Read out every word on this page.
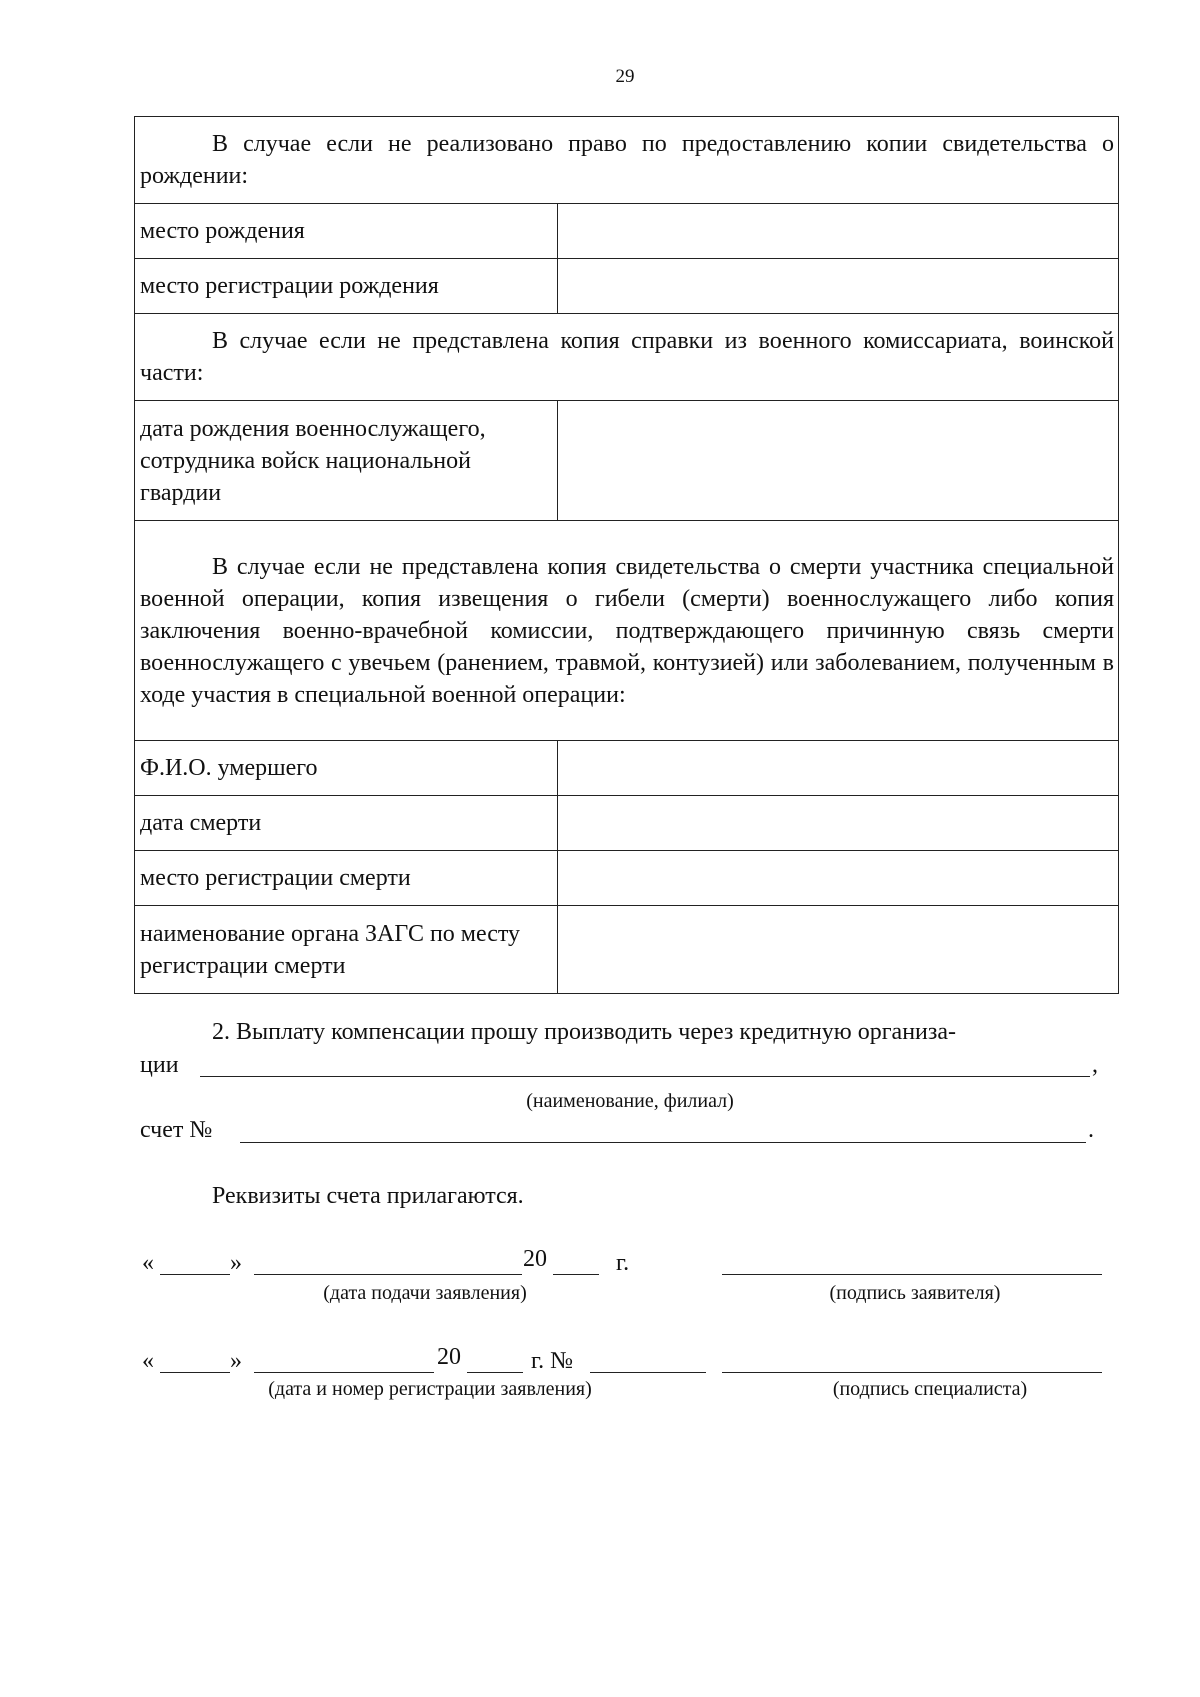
29
В случае если не реализовано право по предоставлению копии свидетельства о рождении:	
место рождения	
место регистрации рождения	
В случае если не представлена копия справки из военного комиссариата, воинской части:	
дата рождения военнослужащего, сотрудника войск национальной гвардии	
В случае если не представлена копия свидетельства о смерти участника специальной военной операции, копия извещения о гибели (смерти) военнослужащего либо копия заключения военно-врачебной комиссии, подтверждающего причинную связь смерти военнослужащего с увечьем (ранением, травмой, контузией) или заболеванием, полученным в ходе участия в специальной военной операции:	
Ф.И.О. умершего	
дата смерти	
место регистрации смерти	
наименование органа ЗАГС по месту регистрации смерти	
2. Выплату компенсации прошу производить через кредитную организа-
ции	,
(наименование, филиал)
счет №	.
Реквизиты счета прилагаются.
«	»	20	г.
(дата подачи заявления)	(подпись заявителя)
«	»	20	г. №
(дата и номер регистрации заявления)	(подпись специалиста)
